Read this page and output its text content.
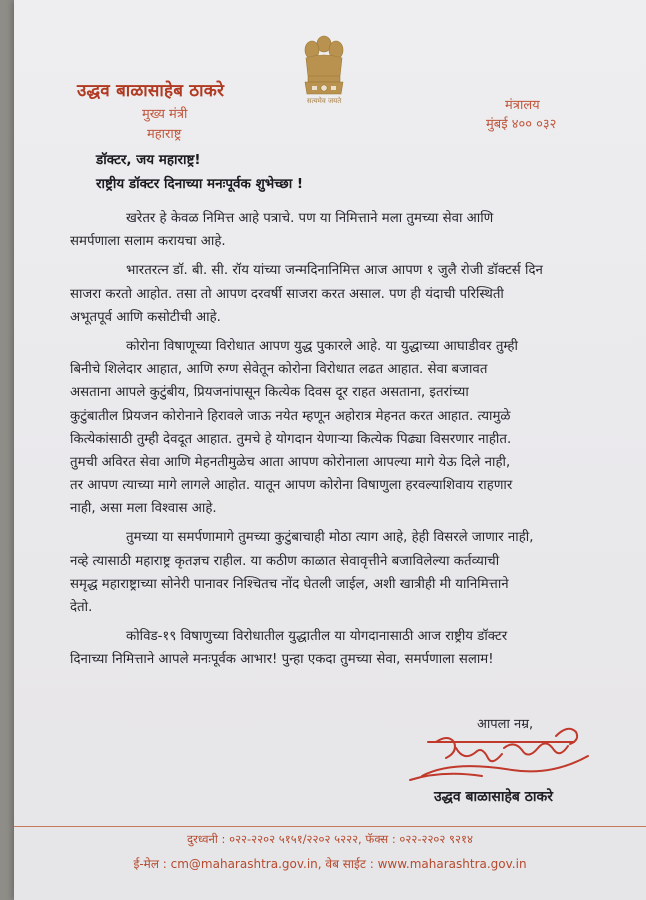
उद्धव बाळासाहेब ठाकरे
मुख्य मंत्री
महाराष्ट्र
सत्यमेव जयते	मंत्रालय
मुंबई ४०० ०३२
डॉक्टर, जय महाराष्ट्र!
राष्ट्रीय डॉक्टर दिनाच्या मनःपूर्वक शुभेच्छा !
खरेतर हे केवळ निमित्त आहे पत्राचे. पण या निमित्ताने मला तुमच्या सेवा आणि
समर्पणाला सलाम करायचा आहे.
भारतरत्न डॉ. बी. सी. रॉय यांच्या जन्मदिनानिमित्त आज आपण १ जुलै रोजी डॉक्टर्स दिन
साजरा करतो आहोत. तसा तो आपण दरवर्षी साजरा करत असाल. पण ही यंदाची परिस्थिती
अभूतपूर्व आणि कसोटीची आहे.
कोरोना विषाणूच्या विरोधात आपण युद्ध पुकारले आहे. या युद्धाच्या आघाडीवर तुम्ही
बिनीचे शिलेदार आहात, आणि रुग्ण सेवेतून कोरोना विरोधात लढत आहात. सेवा बजावत
असताना आपले कुटुंबीय, प्रियजनांपासून कित्येक दिवस दूर राहत असताना, इतरांच्या
कुटुंबातील प्रियजन कोरोनाने हिरावले जाऊ नयेत म्हणून अहोरात्र मेहनत करत आहात. त्यामुळे
कित्येकांसाठी तुम्ही देवदूत आहात. तुमचे हे योगदान येणाऱ्या कित्येक पिढ्या विसरणार नाहीत.
तुमची अविरत सेवा आणि मेहनतीमुळेच आता आपण कोरोनाला आपल्या मागे येऊ दिले नाही,
तर आपण त्याच्या मागे लागले आहोत. यातून आपण कोरोना विषाणुला हरवल्याशिवाय राहणार
नाही, असा मला विश्वास आहे.
तुमच्या या समर्पणामागे तुमच्या कुटुंबाचाही मोठा त्याग आहे, हेही विसरले जाणार नाही,
नव्हे त्यासाठी महाराष्ट्र कृतज्ञच राहील. या कठीण काळात सेवावृत्तीने बजाविलेल्या कर्तव्याची
समृद्ध महाराष्ट्राच्या सोनेरी पानावर निश्चितच नोंद घेतली जाईल, अशी खात्रीही मी यानिमित्ताने
देतो.
कोविड-१९ विषाणुच्या विरोधातील युद्धातील या योगदानासाठी आज राष्ट्रीय डॉक्टर
दिनाच्या निमित्ताने आपले मनःपूर्वक आभार! पुन्हा एकदा तुमच्या सेवा, समर्पणाला सलाम!
आपला नम्र,
उद्धव बाळासाहेब ठाकरे
दुरध्वनी : ०२२-२२०२ ५१५१/२२०२ ५२२२, फॅक्स : ०२२-२२०२ ९२१४
ई-मेल : cm@maharashtra.gov.in, वेब साईट : www.maharashtra.gov.in
